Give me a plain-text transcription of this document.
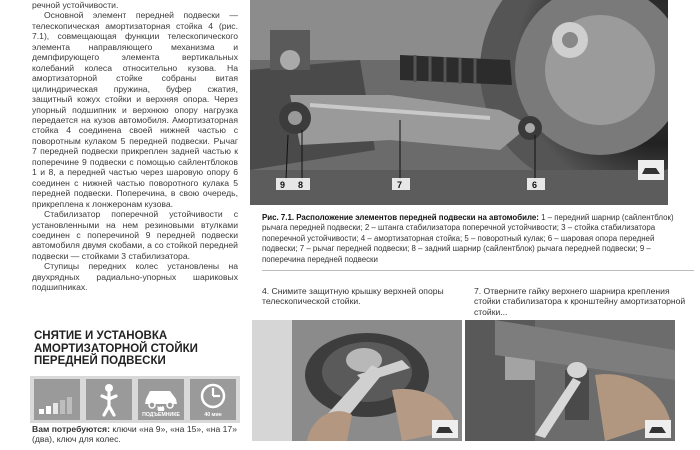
речной устойчивости.

Основной элемент передней подвески — телескопическая амортизаторная стойка 4 (рис. 7.1), совмещающая функции телескопического элемента направляющего механизма и демпфирующего элемента вертикальных колебаний колеса относительно кузова. На амортизаторной стойке собраны витая цилиндрическая пружина, буфер сжатия, защитный кожух стойки и верхняя опора. Через упорный подшипник и верхнюю опору нагрузка передается на кузов автомобиля. Амортизаторная стойка 4 соединена своей нижней частью с поворотным кулаком 5 передней подвески. Рычаг 7 передней подвески прикреплен задней частью к поперечине 9 подвески с помощью сайлентблоков 1 и 8, а передней частью через шаровую опору 6 соединен с нижней частью поворотного кулака 5 передней подвески. Поперечина, в свою очередь, прикреплена к лонжеронам кузова.

Стабилизатор поперечной устойчивости с установленными на нем резиновыми втулками соединен с поперечиной 9 передней подвески автомобиля двумя скобами, а со стойкой передней подвески — стойками 3 стабилизатора.

Ступицы передних колес установлены на двухрядных радиально-упорных шариковых подшипниках.

СНЯТИЕ И УСТАНОВКА
АМОРТИЗАТОРНОЙ СТОЙКИ
ПЕРЕДНЕЙ ПОДВЕСКИ
НА ПОДЪЕМНИКЕ	40 мин
Вам потребуются: ключи «на 9», «на 15», «на 17» (два), ключ для колес.
9 8	7	6
Рис. 7.1. Расположение элементов передней подвески на автомобиле: 1 – передний шарнир (сайлентблок) рычага передней подвески; 2 – штанга стабилизатора поперечной устойчивости; 3 – стойка стабилизатора поперечной устойчивости; 4 – амортизаторная стойка; 5 – поворотный кулак; 6 – шаровая опора передней подвески; 7 – рычаг передней подвески; 8 – задний шарнир (сайлентблок) рычага передней подвески; 9 – поперечина передней подвески
4. Снимите защитную крышку верхней опоры телескопической стойки.
7. Отверните гайку верхнего шарнира крепления стойки стабилизатора к кронштейну амортизаторной стойки...
